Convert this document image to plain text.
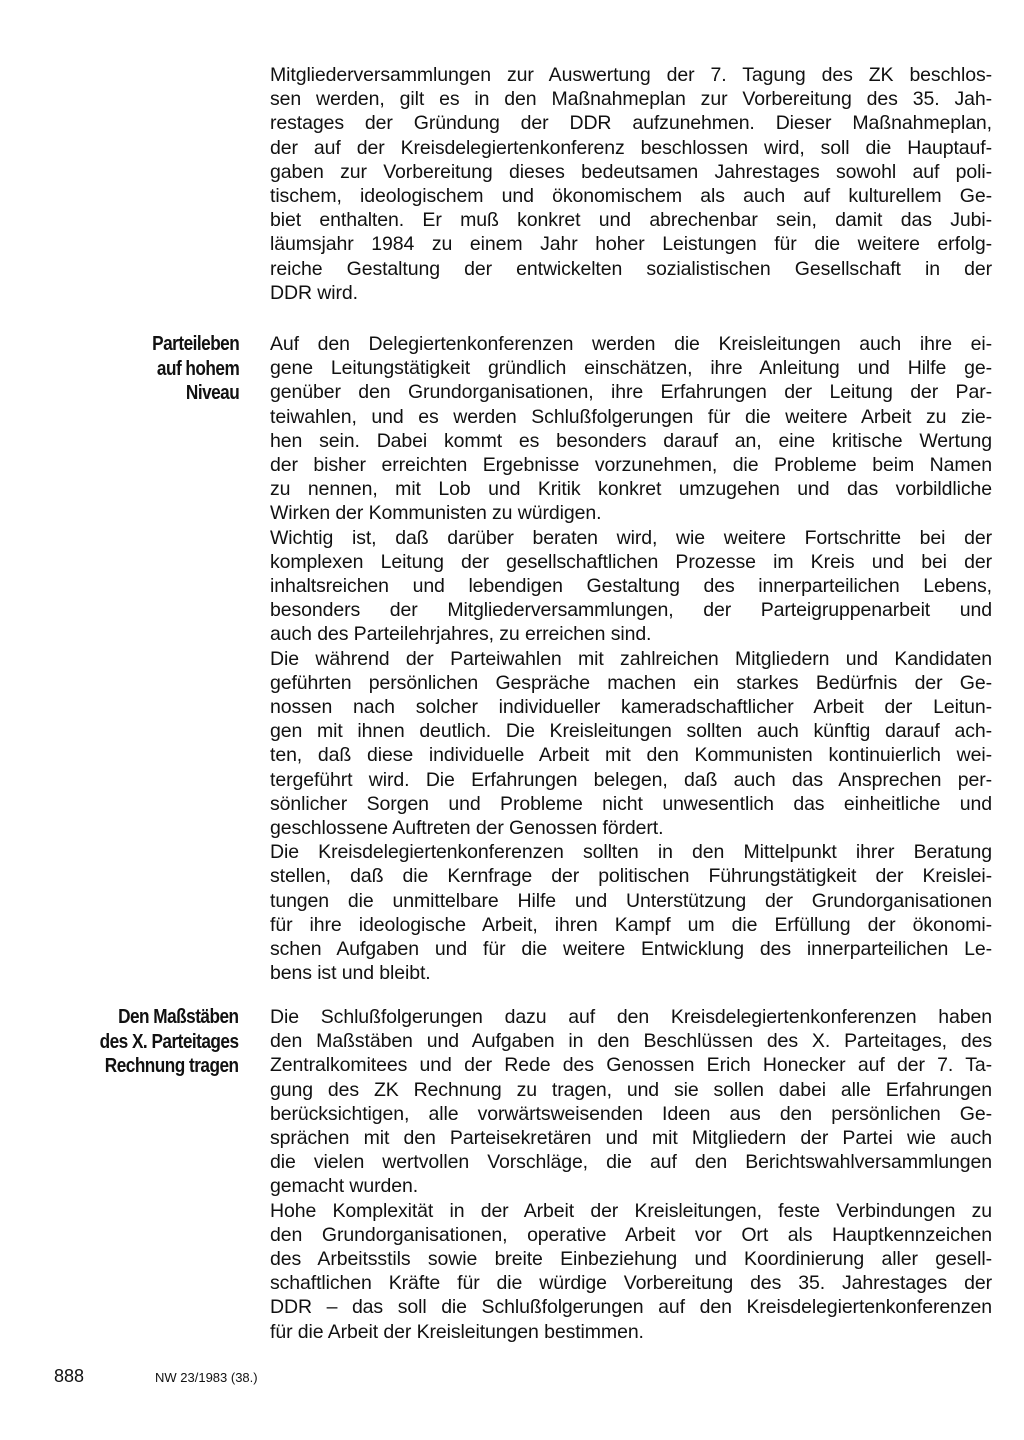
Mitgliederversammlungen zur Auswertung der 7. Tagung des ZK beschlos-
sen werden, gilt es in den Maßnahmeplan zur Vorbereitung des 35. Jah-
restages der Gründung der DDR aufzunehmen. Dieser Maßnahmeplan,
der auf der Kreisdelegiertenkonferenz beschlossen wird, soll die Hauptauf-
gaben zur Vorbereitung dieses bedeutsamen Jahrestages sowohl auf poli-
tischem, ideologischem und ökonomischem als auch auf kulturellem Ge-
biet enthalten. Er muß konkret und abrechenbar sein, damit das Jubi-
läumsjahr 1984 zu einem Jahr hoher Leistungen für die weitere erfolg-
reiche Gestaltung der entwickelten sozialistischen Gesellschaft in der
DDR wird.

Parteileben
auf hohem
Niveau

Auf den Delegiertenkonferenzen werden die Kreisleitungen auch ihre ei-
gene Leitungstätigkeit gründlich einschätzen, ihre Anleitung und Hilfe ge-
genüber den Grundorganisationen, ihre Erfahrungen der Leitung der Par-
teiwahlen, und es werden Schlußfolgerungen für die weitere Arbeit zu zie-
hen sein. Dabei kommt es besonders darauf an, eine kritische Wertung
der bisher erreichten Ergebnisse vorzunehmen, die Probleme beim Namen
zu nennen, mit Lob und Kritik konkret umzugehen und das vorbildliche
Wirken der Kommunisten zu würdigen.
Wichtig ist, daß darüber beraten wird, wie weitere Fortschritte bei der
komplexen Leitung der gesellschaftlichen Prozesse im Kreis und bei der
inhaltsreichen und lebendigen Gestaltung des innerparteilichen Lebens,
besonders der Mitgliederversammlungen, der Parteigruppenarbeit und
auch des Parteilehrjahres, zu erreichen sind.
Die während der Parteiwahlen mit zahlreichen Mitgliedern und Kandidaten
geführten persönlichen Gespräche machen ein starkes Bedürfnis der Ge-
nossen nach solcher individueller kameradschaftlicher Arbeit der Leitun-
gen mit ihnen deutlich. Die Kreisleitungen sollten auch künftig darauf ach-
ten, daß diese individuelle Arbeit mit den Kommunisten kontinuierlich wei-
tergeführt wird. Die Erfahrungen belegen, daß auch das Ansprechen per-
sönlicher Sorgen und Probleme nicht unwesentlich das einheitliche und
geschlossene Auftreten der Genossen fördert.
Die Kreisdelegiertenkonferenzen sollten in den Mittelpunkt ihrer Beratung
stellen, daß die Kernfrage der politischen Führungstätigkeit der Kreislei-
tungen die unmittelbare Hilfe und Unterstützung der Grundorganisationen
für ihre ideologische Arbeit, ihren Kampf um die Erfüllung der ökonomi-
schen Aufgaben und für die weitere Entwicklung des innerparteilichen Le-
bens ist und bleibt.

Den Maßstäben
des X. Parteitages
Rechnung tragen

Die Schlußfolgerungen dazu auf den Kreisdelegiertenkonferenzen haben
den Maßstäben und Aufgaben in den Beschlüssen des X. Parteitages, des
Zentralkomitees und der Rede des Genossen Erich Honecker auf der 7. Ta-
gung des ZK Rechnung zu tragen, und sie sollen dabei alle Erfahrungen
berücksichtigen, alle vorwärtsweisenden Ideen aus den persönlichen Ge-
sprächen mit den Parteisekretären und mit Mitgliedern der Partei wie auch
die vielen wertvollen Vorschläge, die auf den Berichtswahlversammlungen
gemacht wurden.
Hohe Komplexität in der Arbeit der Kreisleitungen, feste Verbindungen zu
den Grundorganisationen, operative Arbeit vor Ort als Hauptkennzeichen
des Arbeitsstils sowie breite Einbeziehung und Koordinierung aller gesell-
schaftlichen Kräfte für die würdige Vorbereitung des 35. Jahrestages der
DDR – das soll die Schlußfolgerungen auf den Kreisdelegiertenkonferenzen
für die Arbeit der Kreisleitungen bestimmen.

888	NW 23/1983 (38.)
